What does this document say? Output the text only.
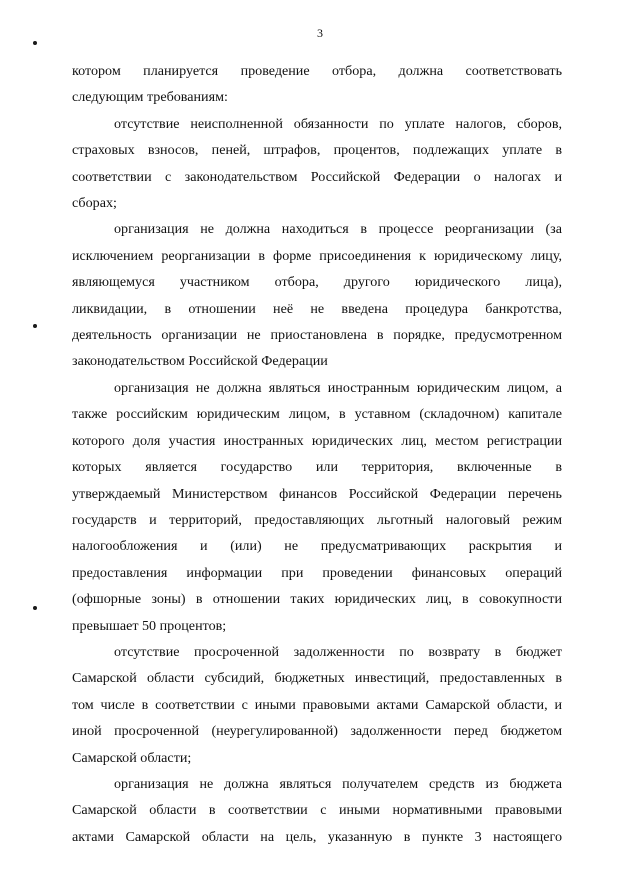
3

котором планируется проведение отбора, должна соответствовать
следующим требованиям:

отсутствие неисполненной обязанности по уплате налогов, сборов,
страховых взносов, пеней, штрафов, процентов, подлежащих уплате в
соответствии с законодательством Российской Федерации о налогах и
сборах;

организация не должна находиться в процессе реорганизации (за
исключением реорганизации в форме присоединения к юридическому лицу,
являющемуся участником отбора, другого юридического лица),
ликвидации, в отношении неё не введена процедура банкротства,
деятельность организации не приостановлена в порядке, предусмотренном
законодательством Российской Федерации

организация не должна являться иностранным юридическим лицом, а
также российским юридическим лицом, в уставном (складочном) капитале
которого доля участия иностранных юридических лиц, местом регистрации
которых является государство или территория, включенные в
утверждаемый Министерством финансов Российской Федерации перечень
государств и территорий, предоставляющих льготный налоговый режим
налогообложения и (или) не предусматривающих раскрытия и
предоставления информации при проведении финансовых операций
(офшорные зоны) в отношении таких юридических лиц, в совокупности
превышает 50 процентов;

отсутствие просроченной задолженности по возврату в бюджет
Самарской области субсидий, бюджетных инвестиций, предоставленных в
том числе в соответствии с иными правовыми актами Самарской области, и
иной просроченной (неурегулированной) задолженности перед бюджетом
Самарской области;

организация не должна являться получателем средств из бюджета
Самарской области в соответствии с иными нормативными правовыми
актами Самарской области на цель, указанную в пункте 3 настоящего
